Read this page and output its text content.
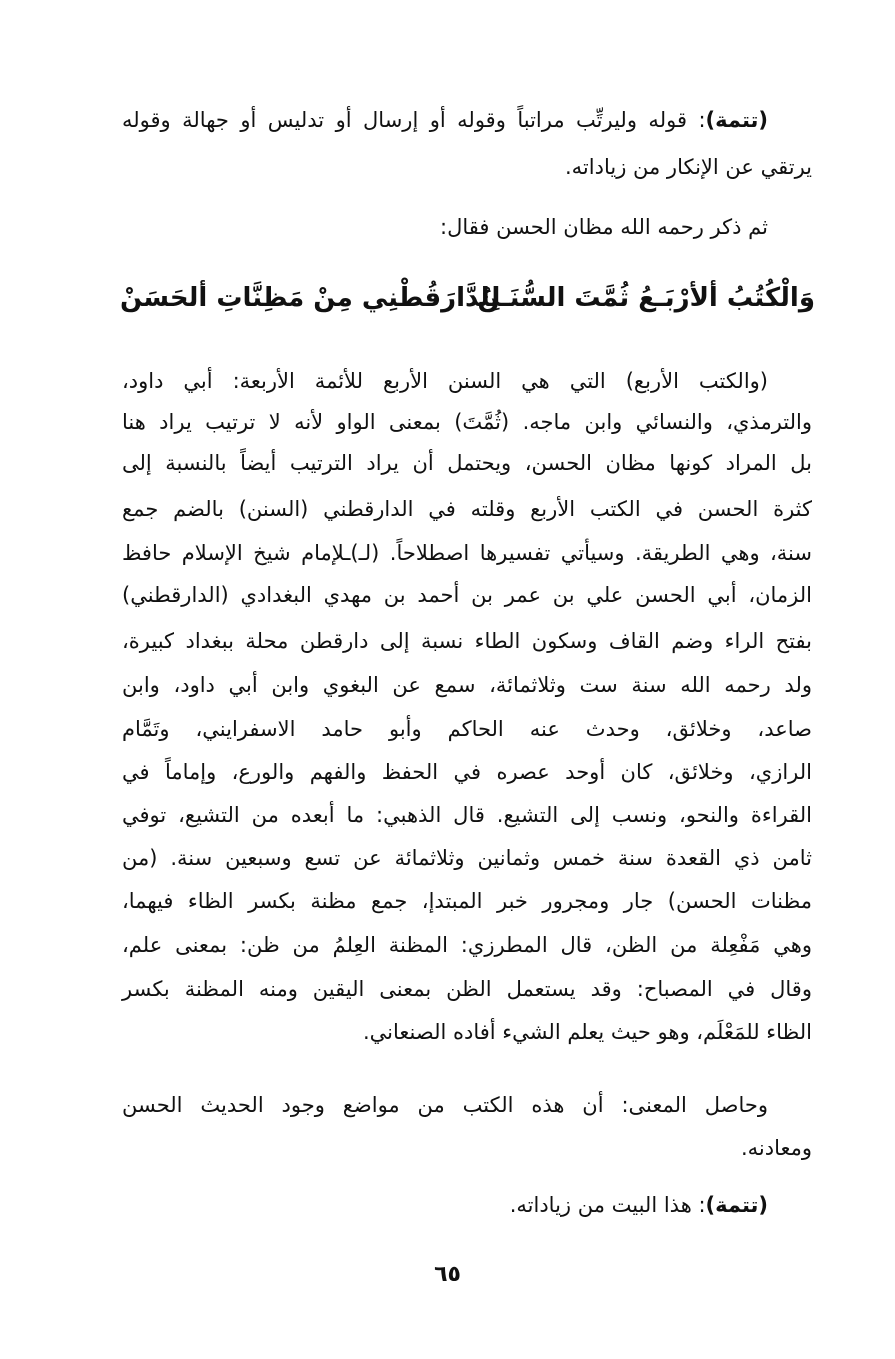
(تتمة): قوله وليرتِّب مراتباً وقوله أو إرسال أو تدليس أو جهالة وقوله
يرتقي عن الإنكار من زياداته.
ثم ذكر رحمه الله مظان الحسن فقال:
وَالْكُتُبُ ألأرْبَـعُ ثُمَّتَ السُّنَـنُ
لِلدَّارَقُطْنِي مِنْ مَظِنَّاتِ ألحَسَنْ
(والكتب الأربع) التي هي السنن الأربع للأئمة الأربعة: أبي داود،
والترمذي، والنسائي وابن ماجه. (ثُمَّتَ) بمعنى الواو لأنه لا ترتيب يراد هنا
بل المراد كونها مظان الحسن، ويحتمل أن يراد الترتيب أيضاً بالنسبة إلى
كثرة الحسن في الكتب الأربع وقلته في الدارقطني (السنن) بالضم جمع
سنة، وهي الطريقة. وسيأتي تفسيرها اصطلاحاً. (لـ)ـلإمام شيخ الإسلام حافظ
الزمان، أبي الحسن علي بن عمر بن أحمد بن مهدي البغدادي (الدارقطني)
بفتح الراء وضم القاف وسكون الطاء نسبة إلى دارقطن محلة ببغداد كبيرة،
ولد رحمه الله سنة ست وثلاثمائة، سمع عن البغوي وابن أبي داود، وابن
صاعد، وخلائق، وحدث عنه الحاكم وأبو حامد الاسفرايني، وتَمَّام
الرازي، وخلائق، كان أوحد عصره في الحفظ والفهم والورع، وإماماً في
القراءة والنحو، ونسب إلى التشيع. قال الذهبي: ما أبعده من التشيع، توفي
ثامن ذي القعدة سنة خمس وثمانين وثلاثمائة عن تسع وسبعين سنة. (من
مظنات الحسن) جار ومجرور خبر المبتدإ، جمع مظنة بكسر الظاء فيهما،
وهي مَفْعِلة من الظن، قال المطرزي: المظنة العِلمُ من ظن: بمعنى علم،
وقال في المصباح: وقد يستعمل الظن بمعنى اليقين ومنه المظنة بكسر
الظاء للمَعْلَم، وهو حيث يعلم الشيء أفاده الصنعاني.
وحاصل المعنى: أن هذه الكتب من مواضع وجود الحديث الحسن
ومعادنه.
(تتمة): هذا البيت من زياداته.
٦٥
